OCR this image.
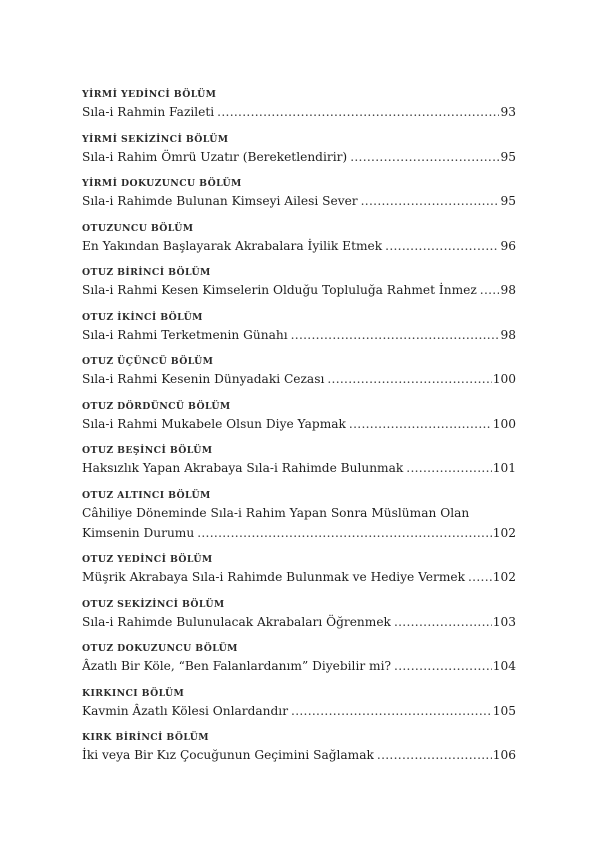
YİRMİ YEDİNCİ BÖLÜM
Sıla-i Rahmin Fazileti .....	93
YİRMİ SEKİZİNCİ BÖLÜM
Sıla-i Rahim Ömrü Uzatır (Bereketlendirir) .....	95
YİRMİ DOKUZUNCU BÖLÜM
Sıla-i Rahimde Bulunan Kimseyi Ailesi Sever .....	95
OTUZUNCU BÖLÜM
En Yakından Başlayarak Akrabalara İyilik Etmek .....	96
OTUZ BİRİNCİ BÖLÜM
Sıla-i Rahmi Kesen Kimselerin Olduğu Topluluğa Rahmet İnmez ..... 98
OTUZ İKİNCİ BÖLÜM
Sıla-i Rahmi Terketmenin Günahı .....	98
OTUZ ÜÇÜNCÜ BÖLÜM
Sıla-i Rahmi Kesenin Dünyadaki Cezası .....	100
OTUZ DÖRDÜNCÜ BÖLÜM
Sıla-i Rahmi Mukabele Olsun Diye Yapmak .....	100
OTUZ BEŞİNCİ BÖLÜM
Haksızlık Yapan Akrabaya Sıla-i Rahimde Bulunmak .....	101
OTUZ ALTINCI BÖLÜM
Câhiliye Döneminde Sıla-i Rahim Yapan Sonra Müslüman Olan
Kimsenin Durumu .....	102
OTUZ YEDİNCİ BÖLÜM
Müşrik Akrabaya Sıla-i Rahimde Bulunmak ve Hediye Vermek ..... 102
OTUZ SEKİZİNCİ BÖLÜM
Sıla-i Rahimde Bulunulacak Akrabaları Öğrenmek .....	103
OTUZ DOKUZUNCU BÖLÜM
Âzatlı Bir Köle, “Ben Falanlardanım” Diyebilir mi? .....	104
KIRKINCI BÖLÜM
Kavmin Âzatlı Kölesi Onlardandır .....	105
KIRK BİRİNCİ BÖLÜM
İki veya Bir Kız Çocuğunun Geçimini Sağlamak .....	106
